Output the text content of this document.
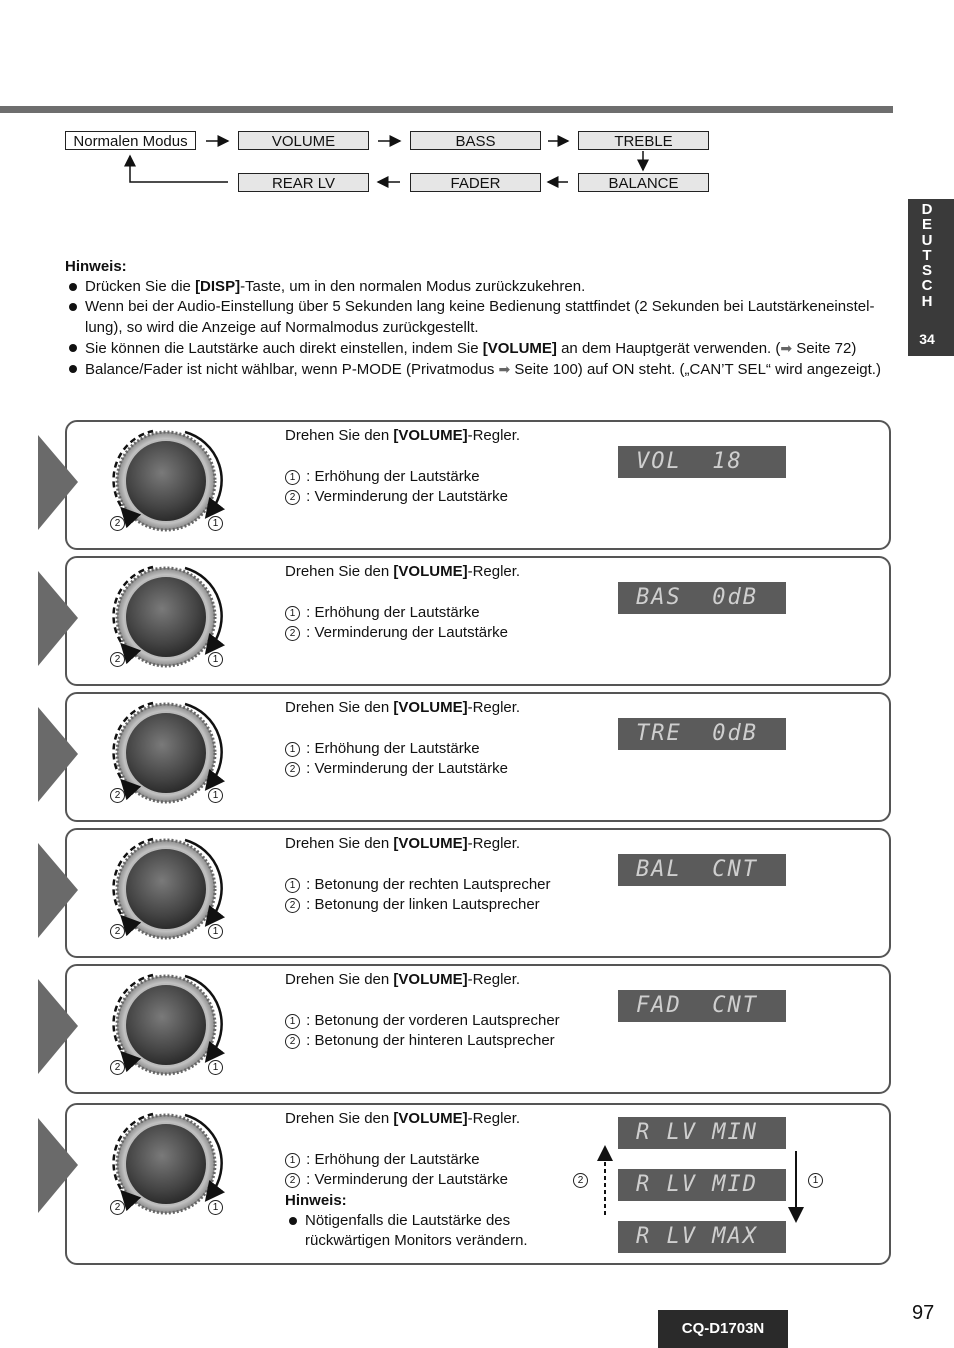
Normalen Modus	VOLUME	BASS	TREBLE
REAR LV	FADER	BALANCE
D
E
U
T
S
C
H
34
Hinweis:
Drücken Sie die [DISP]-Taste, um in den normalen Modus zurückzukehren.
Wenn bei der Audio-Einstellung über 5 Sekunden lang keine Bedienung stattfindet (2 Sekunden bei Lautstärkeneinstel-lung), so wird die Anzeige auf Normalmodus zurückgestellt.
Sie können die Lautstärke auch direkt einstellen, indem Sie [VOLUME] an dem Hauptgerät verwenden. (➡ Seite 72)
Balance/Fader ist nicht wählbar, wenn P-MODE (Privatmodus ➡ Seite 100) auf ON steht. („CAN’T SEL“ wird angezeigt.)
2	1
Drehen Sie den [VOLUME]-Regler.
1 : Erhöhung der Lautstärke
2 : Verminderung der Lautstärke
VOL  18
2	1
Drehen Sie den [VOLUME]-Regler.
1 : Erhöhung der Lautstärke
2 : Verminderung der Lautstärke
BAS  0dB
2	1
Drehen Sie den [VOLUME]-Regler.
1 : Erhöhung der Lautstärke
2 : Verminderung der Lautstärke
TRE  0dB
2	1
Drehen Sie den [VOLUME]-Regler.
1 : Betonung der rechten Lautsprecher
2 : Betonung der linken Lautsprecher
BAL  CNT
2	1
Drehen Sie den [VOLUME]-Regler.
1 : Betonung der vorderen Lautsprecher
2 : Betonung der hinteren Lautsprecher
FAD  CNT
2	1
Drehen Sie den [VOLUME]-Regler.
1 : Erhöhung der Lautstärke
2 : Verminderung der Lautstärke
Hinweis:
Nötigenfalls die Lautstärke des rückwärtigen Monitors verändern.
R LV MIN
R LV MID
R LV MAX
2	1
CQ-D1703N
97
